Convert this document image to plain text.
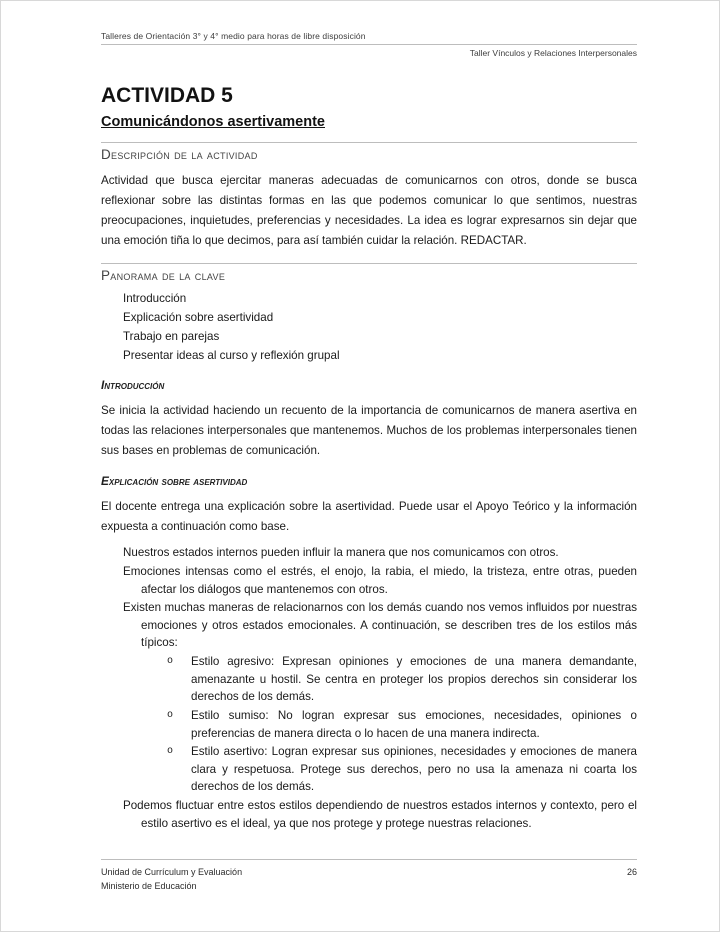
Talleres de Orientación 3° y 4° medio para horas de libre disposición
Taller Vínculos y Relaciones Interpersonales
ACTIVIDAD 5
Comunicándonos asertivamente
Descripción de la actividad
Actividad que busca ejercitar maneras adecuadas de comunicarnos con otros, donde se busca reflexionar sobre las distintas formas en las que podemos comunicar lo que sentimos, nuestras preocupaciones, inquietudes, preferencias y necesidades. La idea es lograr expresarnos sin dejar que una emoción tiña lo que decimos, para así también cuidar la relación. REDACTAR.
Panorama de la clave
Introducción
Explicación sobre asertividad
Trabajo en parejas
Presentar ideas al curso y reflexión grupal
Introducción
Se inicia la actividad haciendo un recuento de la importancia de comunicarnos de manera asertiva en todas las relaciones interpersonales que mantenemos. Muchos de los problemas interpersonales tienen sus bases en problemas de comunicación.
Explicación sobre asertividad
El docente entrega una explicación sobre la asertividad. Puede usar el Apoyo Teórico y la información expuesta a continuación como base.
Nuestros estados internos pueden influir la manera que nos comunicamos con otros.
Emociones intensas como el estrés, el enojo, la rabia, el miedo, la tristeza, entre otras, pueden afectar los diálogos que mantenemos con otros.
Existen muchas maneras de relacionarnos con los demás cuando nos vemos influidos por nuestras emociones y otros estados emocionales. A continuación, se describen tres de los estilos más típicos:
o	Estilo agresivo: Expresan opiniones y emociones de una manera demandante, amenazante u hostil. Se centra en proteger los propios derechos sin considerar los derechos de los demás.
o	Estilo sumiso: No logran expresar sus emociones, necesidades, opiniones o preferencias de manera directa o lo hacen de una manera indirecta.
o	Estilo asertivo: Logran expresar sus opiniones, necesidades y emociones de manera clara y respetuosa. Protege sus derechos, pero no usa la amenaza ni coarta los derechos de los demás.
Podemos fluctuar entre estos estilos dependiendo de nuestros estados internos y contexto, pero el estilo asertivo es el ideal, ya que nos protege y protege nuestras relaciones.
Unidad de Currículum y Evaluación
Ministerio de Educación
26
